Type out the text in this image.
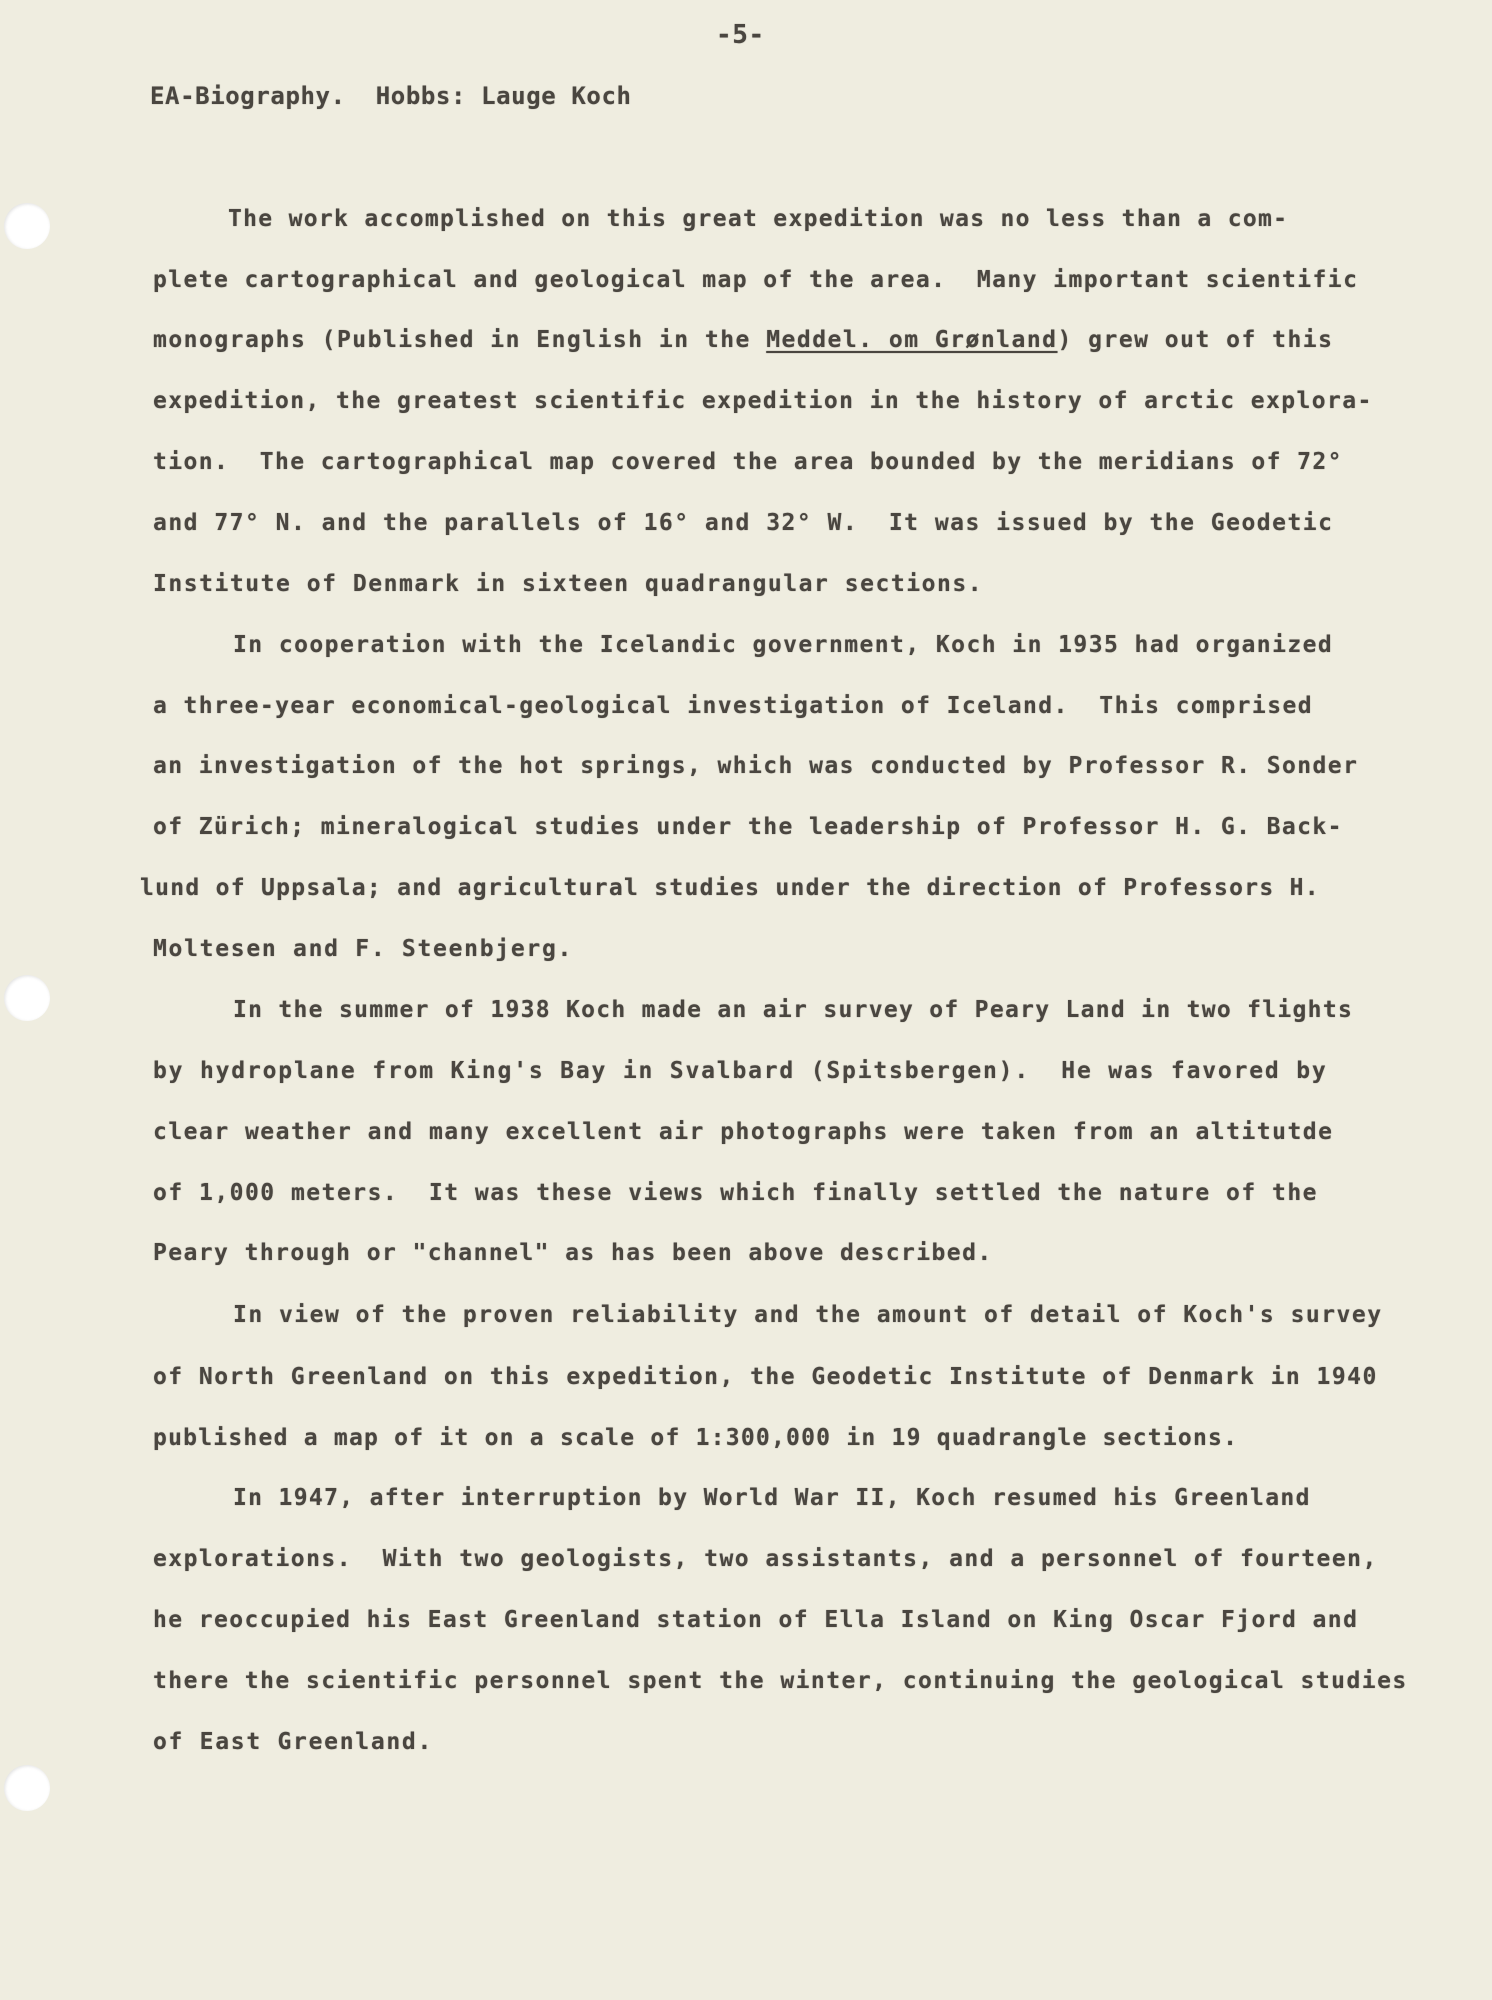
-5-
EA-Biography.  Hobbs: Lauge Koch
The work accomplished on this great expedition was no less than a com-
plete cartographical and geological map of the area.  Many important scientific
monographs (Published in English in the Meddel. om Grønland) grew out of this
expedition, the greatest scientific expedition in the history of arctic explora-
tion.  The cartographical map covered the area bounded by the meridians of 72°
and 77° N. and the parallels of 16° and 32° W.  It was issued by the Geodetic
Institute of Denmark in sixteen quadrangular sections.
In cooperation with the Icelandic government, Koch in 1935 had organized
a three-year economical-geological investigation of Iceland.  This comprised
an investigation of the hot springs, which was conducted by Professor R. Sonder
of Zürich; mineralogical studies under the leadership of Professor H. G. Back-
lund of Uppsala; and agricultural studies under the direction of Professors H.
Moltesen and F. Steenbjerg.
In the summer of 1938 Koch made an air survey of Peary Land in two flights
by hydroplane from King's Bay in Svalbard (Spitsbergen).  He was favored by
clear weather and many excellent air photographs were taken from an altitutde
of 1,000 meters.  It was these views which finally settled the nature of the
Peary through or "channel" as has been above described.
In view of the proven reliability and the amount of detail of Koch's survey
of North Greenland on this expedition, the Geodetic Institute of Denmark in 1940
published a map of it on a scale of 1:300,000 in 19 quadrangle sections.
In 1947, after interruption by World War II, Koch resumed his Greenland
explorations.  With two geologists, two assistants, and a personnel of fourteen,
he reoccupied his East Greenland station of Ella Island on King Oscar Fjord and
there the scientific personnel spent the winter, continuing the geological studies
of East Greenland.
